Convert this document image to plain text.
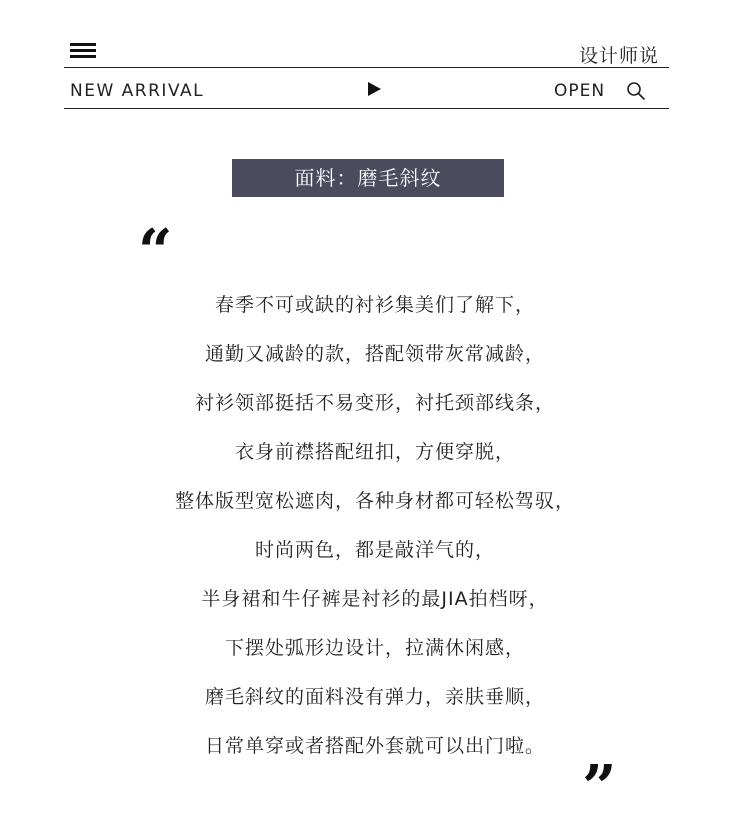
设计师说
NEW ARRIVAL	OPEN
面料：磨毛斜纹
“
春季不可或缺的衬衫集美们了解下，
通勤又减龄的款，搭配领带灰常减龄，
衬衫领部挺括不易变形，衬托颈部线条，
衣身前襟搭配纽扣，方便穿脱，
整体版型宽松遮肉，各种身材都可轻松驾驭，
时尚两色，都是敲洋气的，
半身裙和牛仔裤是衬衫的最JIA拍档呀，
下摆处弧形边设计，拉满休闲感，
磨毛斜纹的面料没有弹力，亲肤垂顺，
日常单穿或者搭配外套就可以出门啦。
”
